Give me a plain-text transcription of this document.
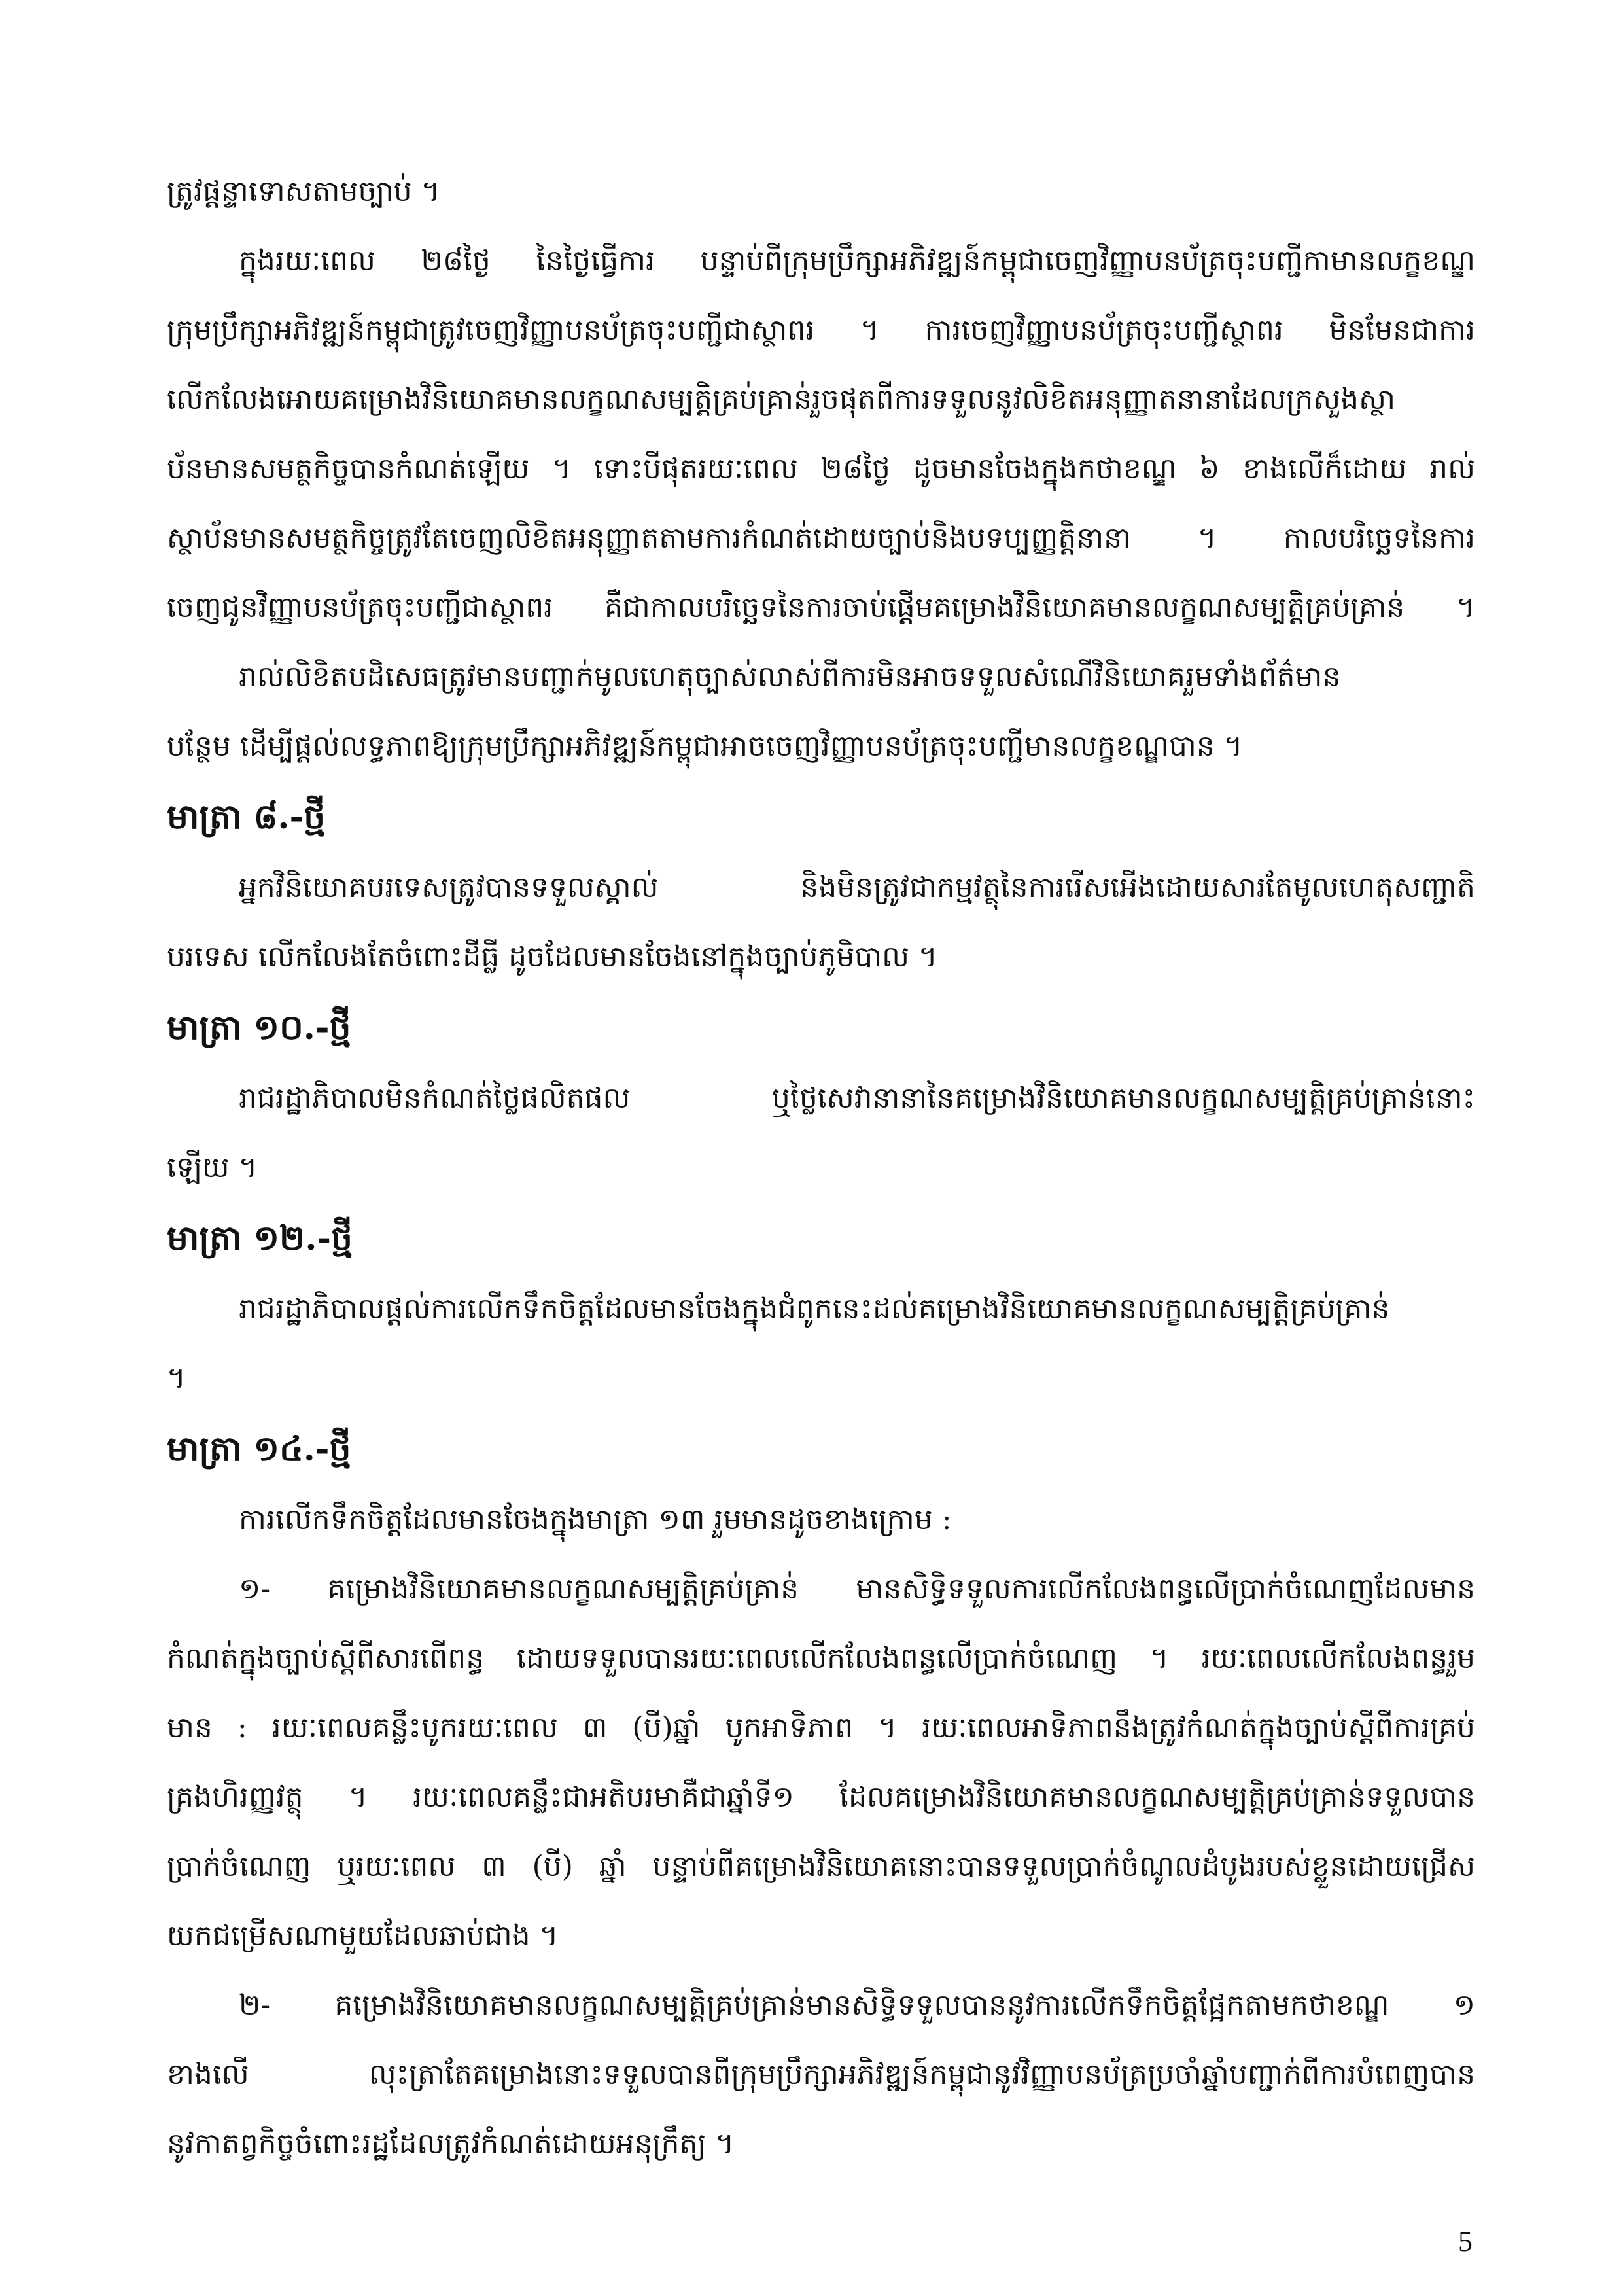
ត្រូវផ្តន្ទាទោសតាមច្បាប់ ។
ក្នុងរយៈពេល ២៨ថ្ងៃ នៃថ្ងៃធ្វើការ បន្ទាប់ពីក្រុមប្រឹក្សាអភិវឌ្ឍន៍កម្ពុជាចេញវិញ្ញាបនប័ត្រចុះបញ្ជីកាមានលក្ខខណ្ឌ
ក្រុមប្រឹក្សាអភិវឌ្ឍន៍កម្ពុជាត្រូវចេញវិញ្ញាបនប័ត្រចុះបញ្ជីជាស្ថាពរ ។ ការចេញវិញ្ញាបនប័ត្រចុះបញ្ជីស្ថាពរ មិនមែនជាការ
លើកលែងអោយគម្រោងវិនិយោគមានលក្ខណសម្បត្តិគ្រប់គ្រាន់រួចផុតពីការទទួលនូវលិខិតអនុញ្ញាតនានាដែលក្រសួងស្ថា
ប័នមានសមត្ថកិច្ចបានកំណត់ឡើយ ។ ទោះបីផុតរយៈពេល ២៨ថ្ងៃ ដូចមានចែងក្នុងកថាខណ្ឌ ៦ ខាងលើក៏ដោយ រាល់
ស្ថាប័នមានសមត្ថកិច្ចត្រូវតែចេញលិខិតអនុញ្ញាតតាមការកំណត់ដោយច្បាប់និងបទប្បញ្ញត្តិនានា ។ កាលបរិច្ឆេទនៃការ
ចេញជូនវិញ្ញាបនប័ត្រចុះបញ្ជីជាស្ថាពរ គឺជាកាលបរិច្ឆេទនៃការចាប់ផ្តើមគម្រោងវិនិយោគមានលក្ខណសម្បត្តិគ្រប់គ្រាន់ ។
រាល់លិខិតបដិសេធត្រូវមានបញ្ជាក់មូលហេតុច្បាស់លាស់ពីការមិនអាចទទួលសំណើវិនិយោគរួមទាំងព័ត៌មាន
បន្ថែម ដើម្បីផ្តល់លទ្ធភាពឱ្យក្រុមប្រឹក្សាអភិវឌ្ឍន៍កម្ពុជាអាចចេញវិញ្ញាបនប័ត្រចុះបញ្ជីមានលក្ខខណ្ឌបាន ។
មាត្រា ៨.-ថ្មី
អ្នកវិនិយោគបរទេសត្រូវបានទទួលស្គាល់ និងមិនត្រូវជាកម្មវត្ថុនៃការរើសអើងដោយសារតែមូលហេតុសញ្ជាតិ
បរទេស លើកលែងតែចំពោះដីធ្លី ដូចដែលមានចែងនៅក្នុងច្បាប់ភូមិបាល ។
មាត្រា ១០.-ថ្មី
រាជរដ្ឋាភិបាលមិនកំណត់ថ្លៃផលិតផល ឬថ្លៃសេវានានានៃគម្រោងវិនិយោគមានលក្ខណសម្បត្តិគ្រប់គ្រាន់នោះ
ឡើយ ។
មាត្រា ១២.-ថ្មី
រាជរដ្ឋាភិបាលផ្តល់ការលើកទឹកចិត្តដែលមានចែងក្នុងជំពូកនេះដល់គម្រោងវិនិយោគមានលក្ខណសម្បត្តិគ្រប់គ្រាន់
។
មាត្រា ១៤.-ថ្មី
ការលើកទឹកចិត្តដែលមានចែងក្នុងមាត្រា ១៣ រួមមានដូចខាងក្រោម :
១- គម្រោងវិនិយោគមានលក្ខណសម្បត្តិគ្រប់គ្រាន់ មានសិទ្ធិទទួលការលើកលែងពន្ធលើប្រាក់ចំណេញដែលមាន
កំណត់ក្នុងច្បាប់ស្តីពីសារពើពន្ធ ដោយទទួលបានរយៈពេលលើកលែងពន្ធលើប្រាក់ចំណេញ ។ រយៈពេលលើកលែងពន្ធរួម
មាន : រយៈពេលគន្លឹះបូករយៈពេល ៣ (បី)ឆ្នាំ បូកអាទិភាព ។ រយៈពេលអាទិភាពនឹងត្រូវកំណត់ក្នុងច្បាប់ស្តីពីការគ្រប់
គ្រងហិរញ្ញវត្ថុ ។ រយៈពេលគន្លឹះជាអតិបរមាគឺជាឆ្នាំទី១ ដែលគម្រោងវិនិយោគមានលក្ខណសម្បត្តិគ្រប់គ្រាន់ទទួលបាន
ប្រាក់ចំណេញ ឬរយៈពេល ៣ (បី) ឆ្នាំ បន្ទាប់ពីគម្រោងវិនិយោគនោះបានទទួលប្រាក់ចំណូលដំបូងរបស់ខ្លួនដោយជ្រើស
យកជម្រើសណាមួយដែលឆាប់ជាង ។
២- គម្រោងវិនិយោគមានលក្ខណសម្បត្តិគ្រប់គ្រាន់មានសិទ្ធិទទួលបាននូវការលើកទឹកចិត្តផ្អែកតាមកថាខណ្ឌ ១
ខាងលើ លុះត្រាតែគម្រោងនោះទទួលបានពីក្រុមប្រឹក្សាអភិវឌ្ឍន៍កម្ពុជានូវវិញ្ញាបនប័ត្រប្រចាំឆ្នាំបញ្ជាក់ពីការបំពេញបាន
នូវកាតព្វកិច្ចចំពោះរដ្ឋដែលត្រូវកំណត់ដោយអនុក្រឹត្យ ។
5
